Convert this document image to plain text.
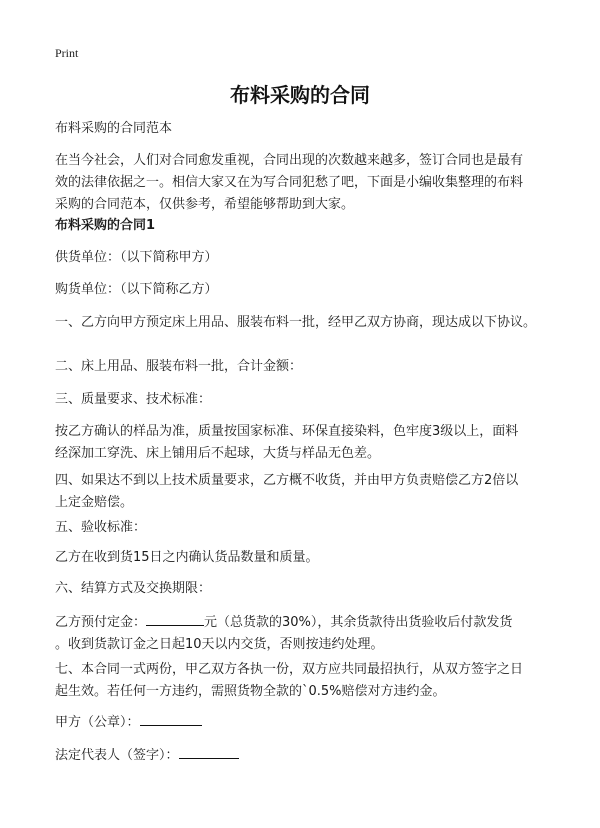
Print
布料采购的合同
布料采购的合同范本
在当今社会，人们对合同愈发重视，合同出现的次数越来越多，签订合同也是最有
效的法律依据之一。相信大家又在为写合同犯愁了吧，下面是小编收集整理的布料
采购的合同范本，仅供参考，希望能够帮助到大家。
布料采购的合同1
供货单位：（以下简称甲方）
购货单位：（以下简称乙方）
一、乙方向甲方预定床上用品、服装布料一批，经甲乙双方协商，现达成以下协议。
二、床上用品、服装布料一批，合计金额：
三、质量要求、技术标准：
按乙方确认的样品为准，质量按国家标准、环保直接染料，色牢度3级以上，面料
经深加工穿洗、床上铺用后不起球，大货与样品无色差。
四、如果达不到以上技术质量要求，乙方概不收货，并由甲方负责赔偿乙方2倍以
上定金赔偿。
五、验收标准：
乙方在收到货15日之内确认货品数量和质量。
六、结算方式及交换期限：
乙方预付定金：	元（总货款的30%），其余货款待出货验收后付款发货
。收到货款订金之日起10天以内交货，否则按违约处理。
七、本合同一式两份，甲乙双方各执一份，双方应共同最招执行，从双方签字之日
起生效。若任何一方违约，需照货物全款的`0.5%赔偿对方违约金。
甲方（公章）：
法定代表人（签字）：
